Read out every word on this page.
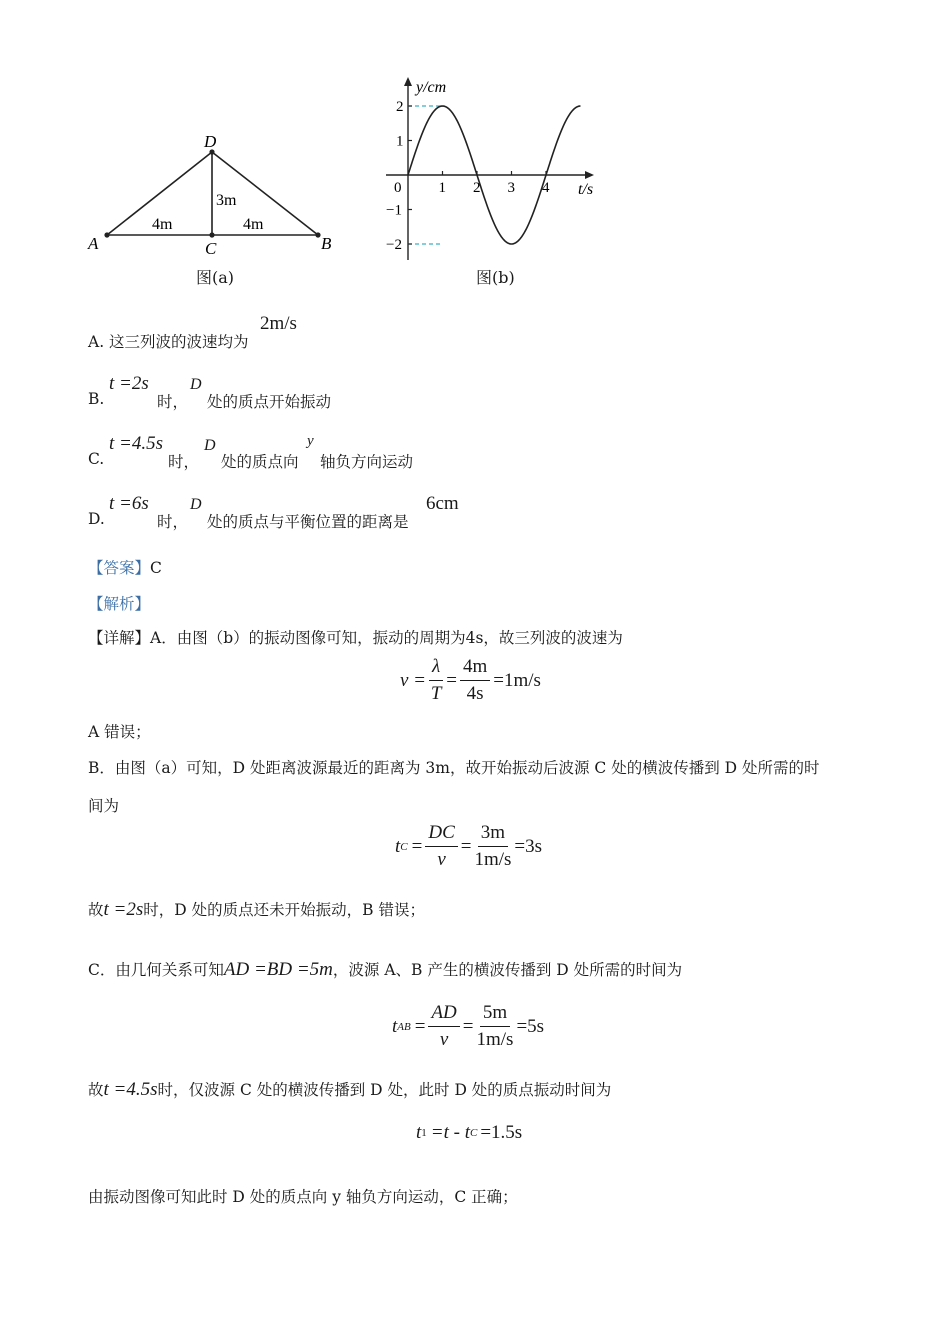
D
A	B
C
3m
4m	4m
图(a)
y/cm
t/s
0 1 2 3 4
2
1
−1
−2
图(b)
A. 这三列波的波速均为
2m/s
B.
t =2s
时，
D
处的质点开始振动
C.
t =4.5s
时，
D
处的质点向
y
轴负方向运动
D.
t =6s
时，
D
处的质点与平衡位置的距离是
6cm
【答案】C
【解析】
【详解】A．由图（b）的振动图像可知，振动的周期为4s，故三列波的波速为
$v = \frac{\lambda}{T} = \frac{4m}{4s} =1m/s$
A 错误；
B．由图（a）可知，D 处距离波源最近的距离为 3m，故开始振动后波源 C 处的横波传播到 D 处所需的时
间为
t $C = \frac{DC}{v} = \frac{3m}{1m/s} =3s$
故t =2s时，D 处的质点还未开始振动，B 错误；
C．由几何关系可知AD =BD =5m，波源 A、B 产生的横波传播到 D 处所需的时间为
t AB = $\frac{AD}{v} = \frac{5m}{1m/s} =5s$
故t =4.5s时，仅波源 C 处的横波传播到 D 处，此时 D 处的质点振动时间为
t 1 =t - t C =1.5s
由振动图像可知此时 D 处的质点向 y 轴负方向运动，C 正确；
